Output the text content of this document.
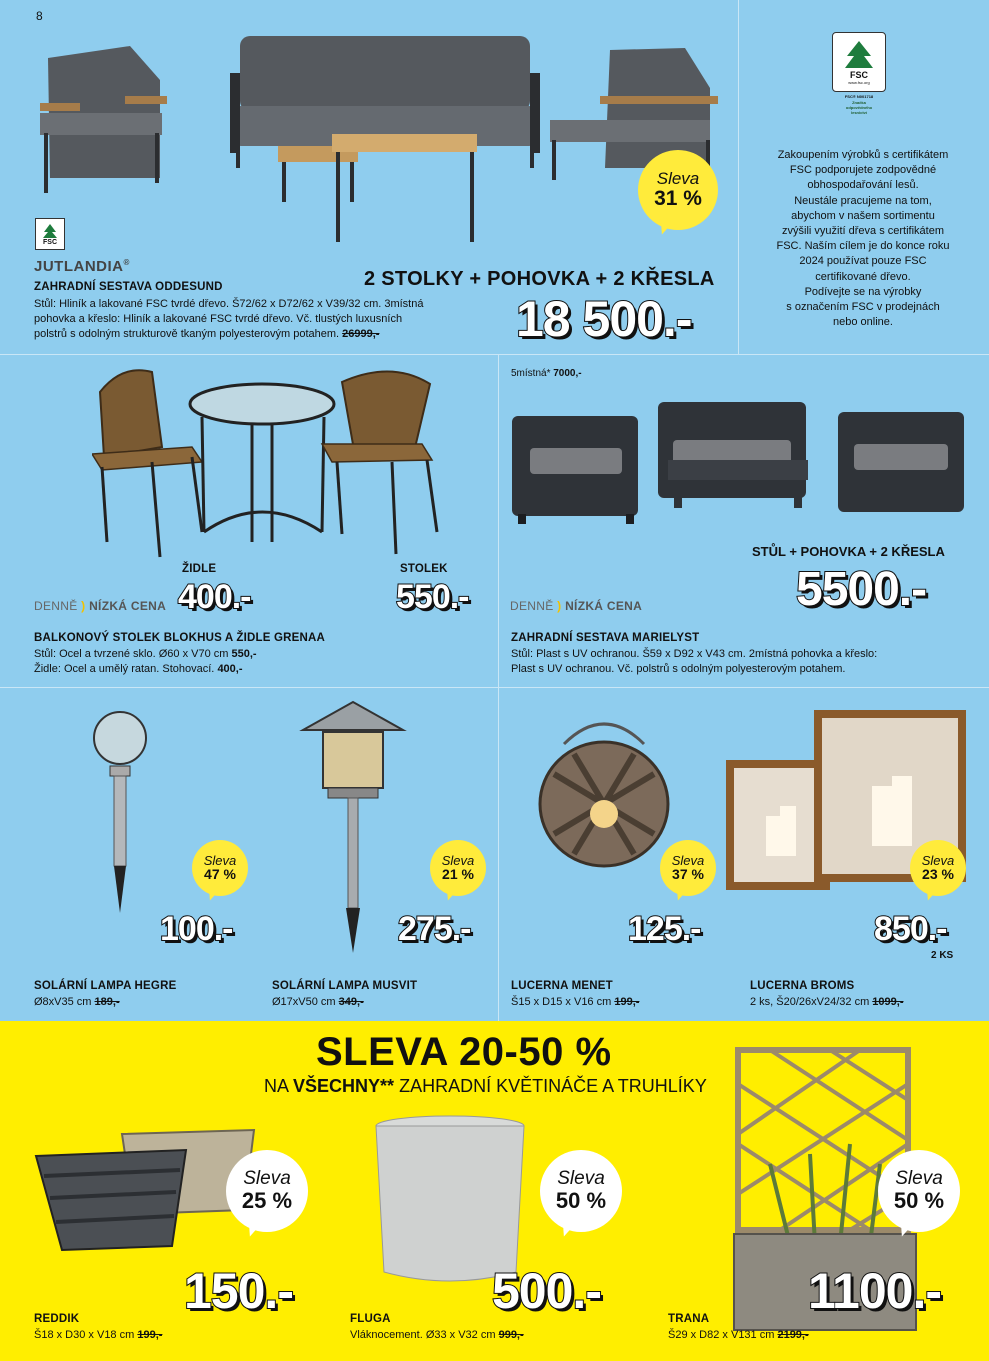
8
FSC
JUTLANDIA®
Sleva
31 %
ZAHRADNÍ SESTAVA ODDESUND
Stůl: Hliník a lakované FSC tvrdé dřevo. Š72/62 x D72/62 x V39/32 cm. 3místná
pohovka a křeslo: Hliník a lakované FSC tvrdé dřevo. Vč. tlustých luxusních
polstrů s odolným strukturově tkaným polyesterovým potahem. 26999,-
2 STOLKY + POHOVKA + 2 KŘESLA
18 500.-
FSC
www.fsc.org
FSC® N001718
Značka odpovědného lesnictví
Zakoupením výrobků s certifikátem
FSC podporujete zodpovědné
obhospodařování lesů.
Neustále pracujeme na tom,
abychom v našem sortimentu
zvýšili využití dřeva s certifikátem
FSC. Naším cílem je do konce roku
2024 používat pouze FSC
certifikované dřevo.
Podívejte se na výrobky
s označením FSC v prodejnách
nebo online.
ŽIDLE
400.-
STOLEK
550.-
DENNĚ ) NÍZKÁ CENA
BALKONOVÝ STOLEK BLOKHUS A ŽIDLE GRENAA
Stůl: Ocel a tvrzené sklo. Ø60 x V70 cm 550,-
Židle: Ocel a umělý ratan. Stohovací. 400,-
5místná* 7000,-
STŮL + POHOVKA + 2 KŘESLA
5500.-
DENNĚ ) NÍZKÁ CENA
ZAHRADNÍ SESTAVA MARIELYST
Stůl: Plast s UV ochranou. Š59 x D92 x V43 cm. 2místná pohovka a křeslo:
Plast s UV ochranou. Vč. polstrů s odolným polyesterovým potahem.
Sleva
47 %
Sleva
21 %
Sleva
37 %
Sleva
23 %
100.-	275.-	125.-	850.-
2 KS
SOLÁRNÍ LAMPA HEGRE
Ø8xV35 cm 189,-
SOLÁRNÍ LAMPA MUSVIT
Ø17xV50 cm 349,-
LUCERNA MENET
Š15 x D15 x V16 cm 199,-
LUCERNA BROMS
2 ks, Š20/26xV24/32 cm 1099,-
SLEVA 20-50 %
NA VŠECHNY** ZAHRADNÍ KVĚTINÁČE A TRUHLÍKY
Sleva
25 %
Sleva
50 %
Sleva
50 %
150.-	500.-	1100.-
REDDIK
Š18 x D30 x V18 cm 199,-
FLUGA
Vláknocement. Ø33 x V32 cm 999,-
TRANA
Š29 x D82 x V131 cm 2199,-
